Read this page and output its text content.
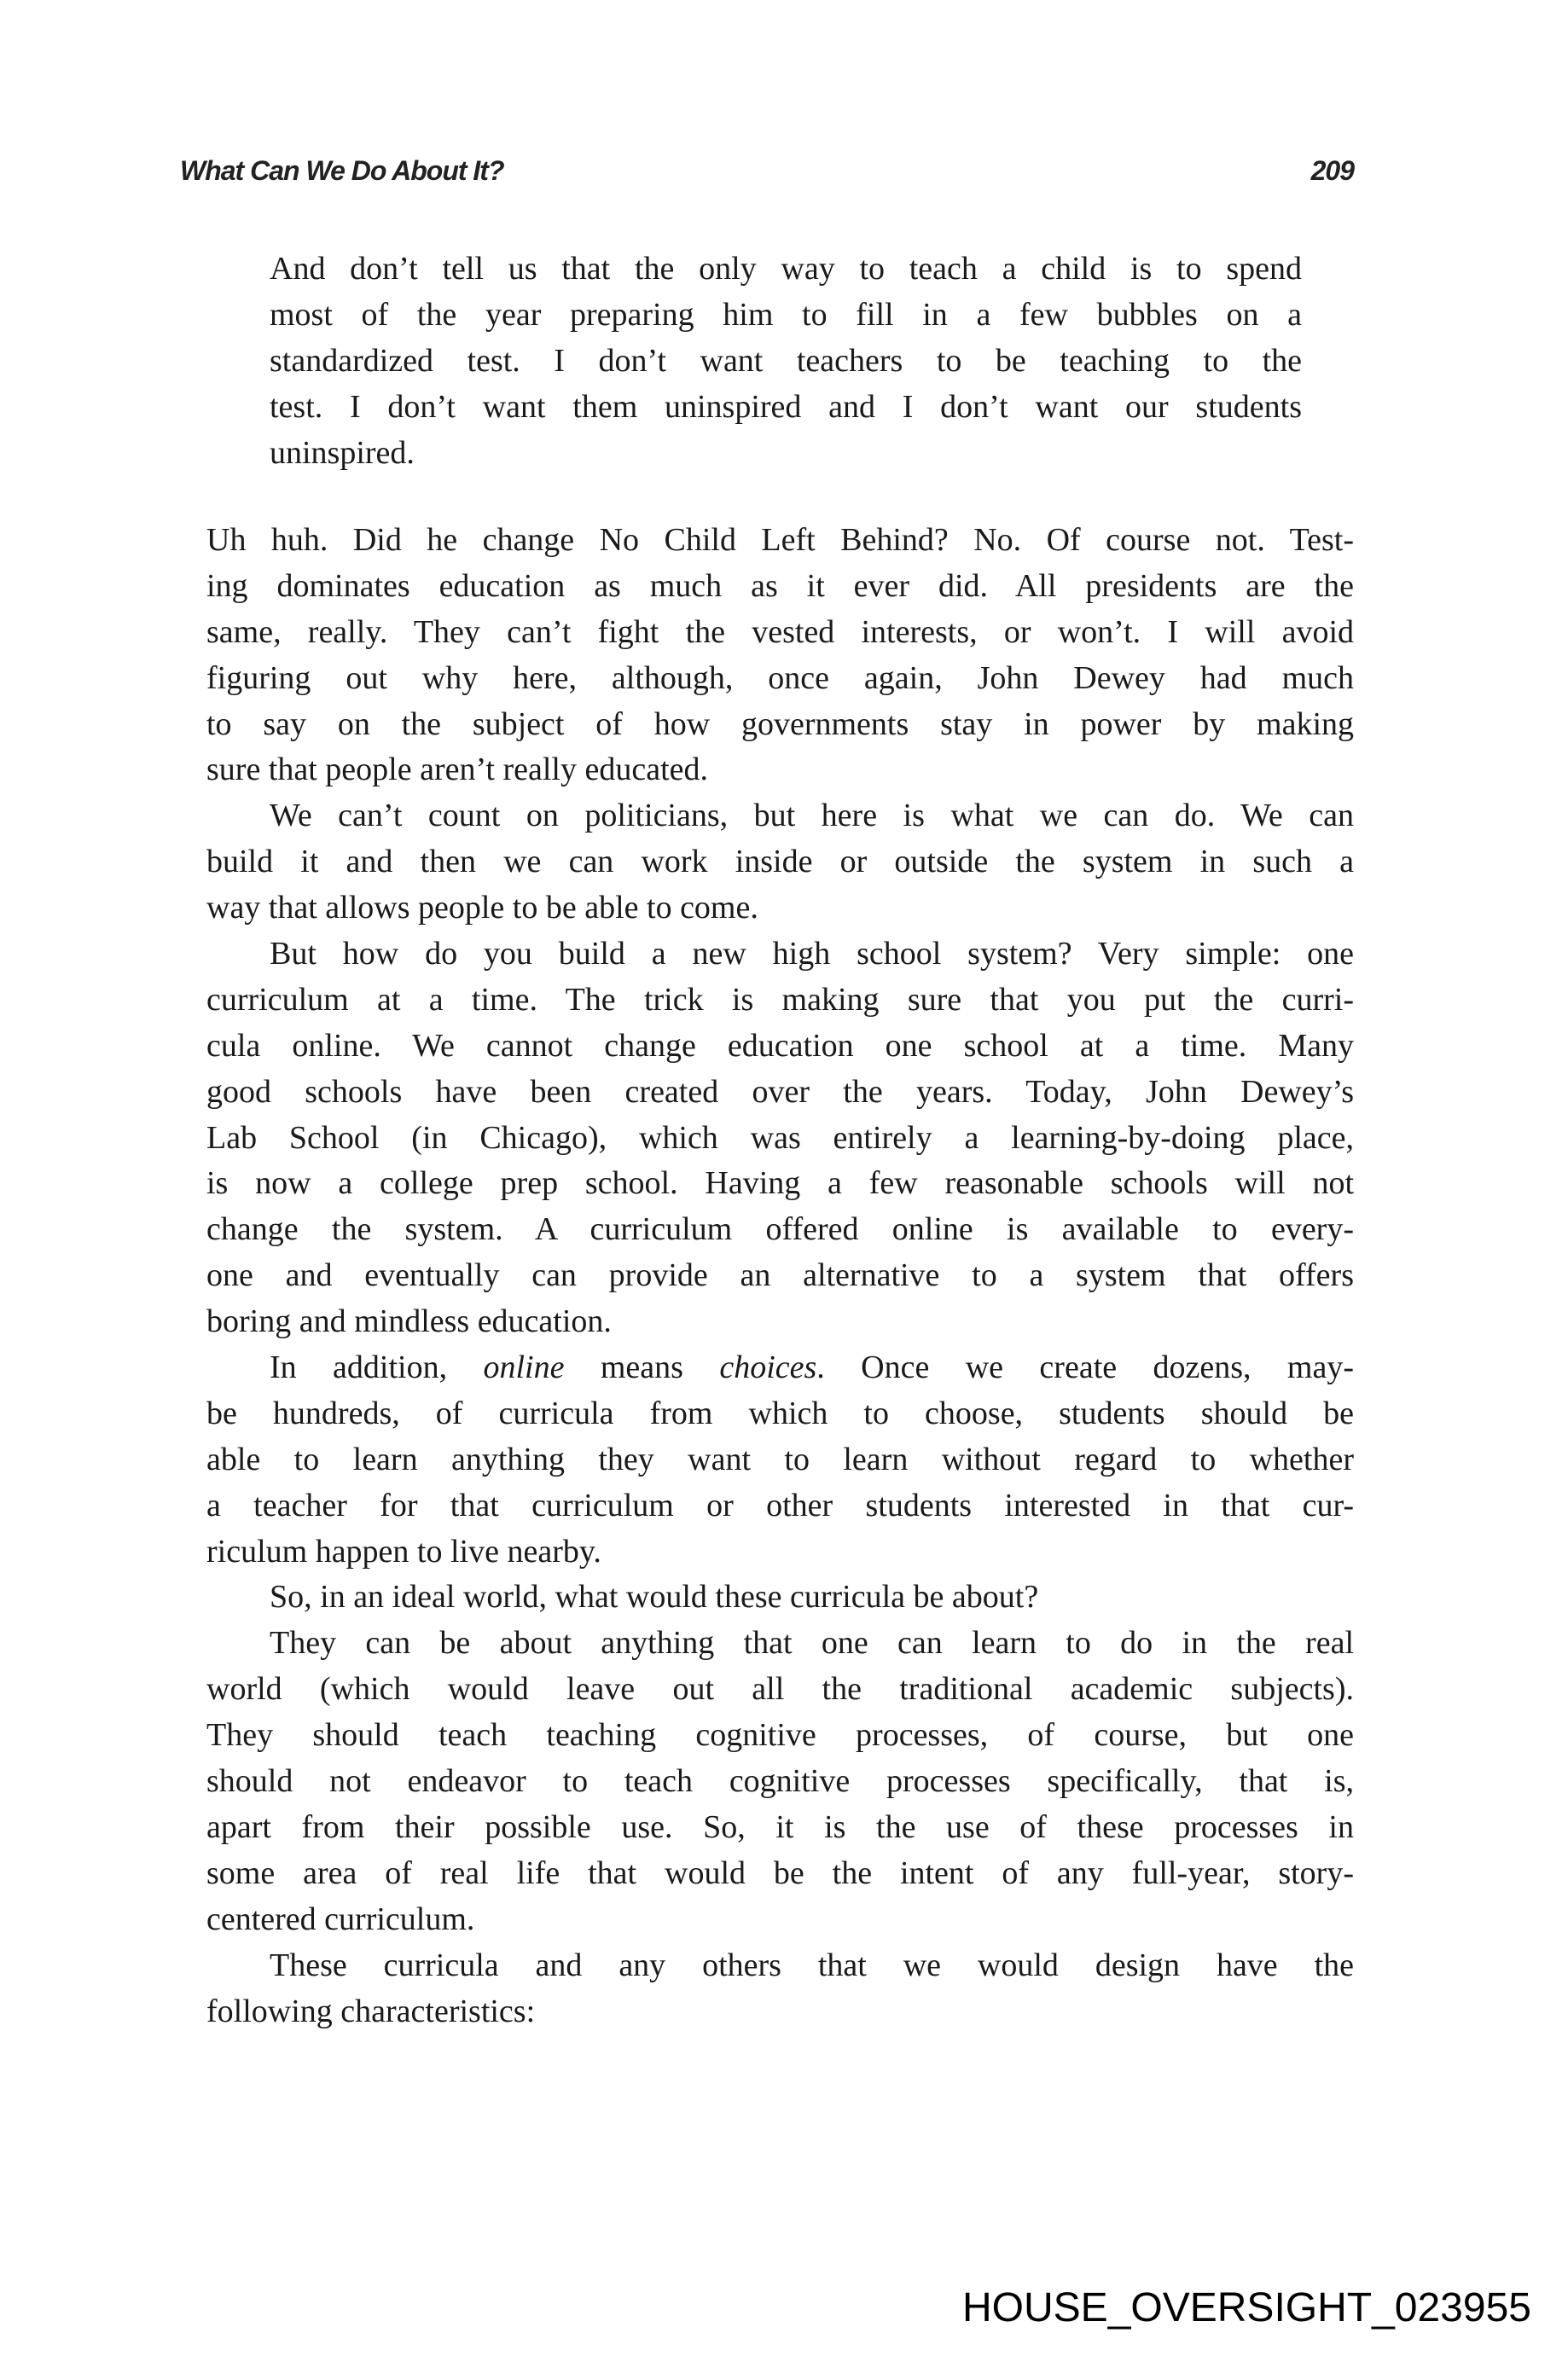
What Can We Do About It?	209
And don’t tell us that the only way to teach a child is to spend
most of the year preparing him to fill in a few bubbles on a
standardized test. I don’t want teachers to be teaching to the
test. I don’t want them uninspired and I don’t want our students
uninspired.
Uh huh. Did he change No Child Left Behind? No. Of course not. Test-
ing dominates education as much as it ever did. All presidents are the
same, really. They can’t fight the vested interests, or won’t. I will avoid
figuring out why here, although, once again, John Dewey had much
to say on the subject of how governments stay in power by making
sure that people aren’t really educated.
We can’t count on politicians, but here is what we can do. We can
build it and then we can work inside or outside the system in such a
way that allows people to be able to come.
But how do you build a new high school system? Very simple: one
curriculum at a time. The trick is making sure that you put the curri-
cula online. We cannot change education one school at a time. Many
good schools have been created over the years. Today, John Dewey’s
Lab School (in Chicago), which was entirely a learning-by-doing place,
is now a college prep school. Having a few reasonable schools will not
change the system. A curriculum offered online is available to every-
one and eventually can provide an alternative to a system that offers
boring and mindless education.
In addition, online means choices. Once we create dozens, may-
be hundreds, of curricula from which to choose, students should be
able to learn anything they want to learn without regard to whether
a teacher for that curriculum or other students interested in that cur-
riculum happen to live nearby.
So, in an ideal world, what would these curricula be about?
They can be about anything that one can learn to do in the real
world (which would leave out all the traditional academic subjects).
They should teach teaching cognitive processes, of course, but one
should not endeavor to teach cognitive processes specifically, that is,
apart from their possible use. So, it is the use of these processes in
some area of real life that would be the intent of any full-year, story-
centered curriculum.
These curricula and any others that we would design have the
following characteristics:
HOUSE_OVERSIGHT_023955
